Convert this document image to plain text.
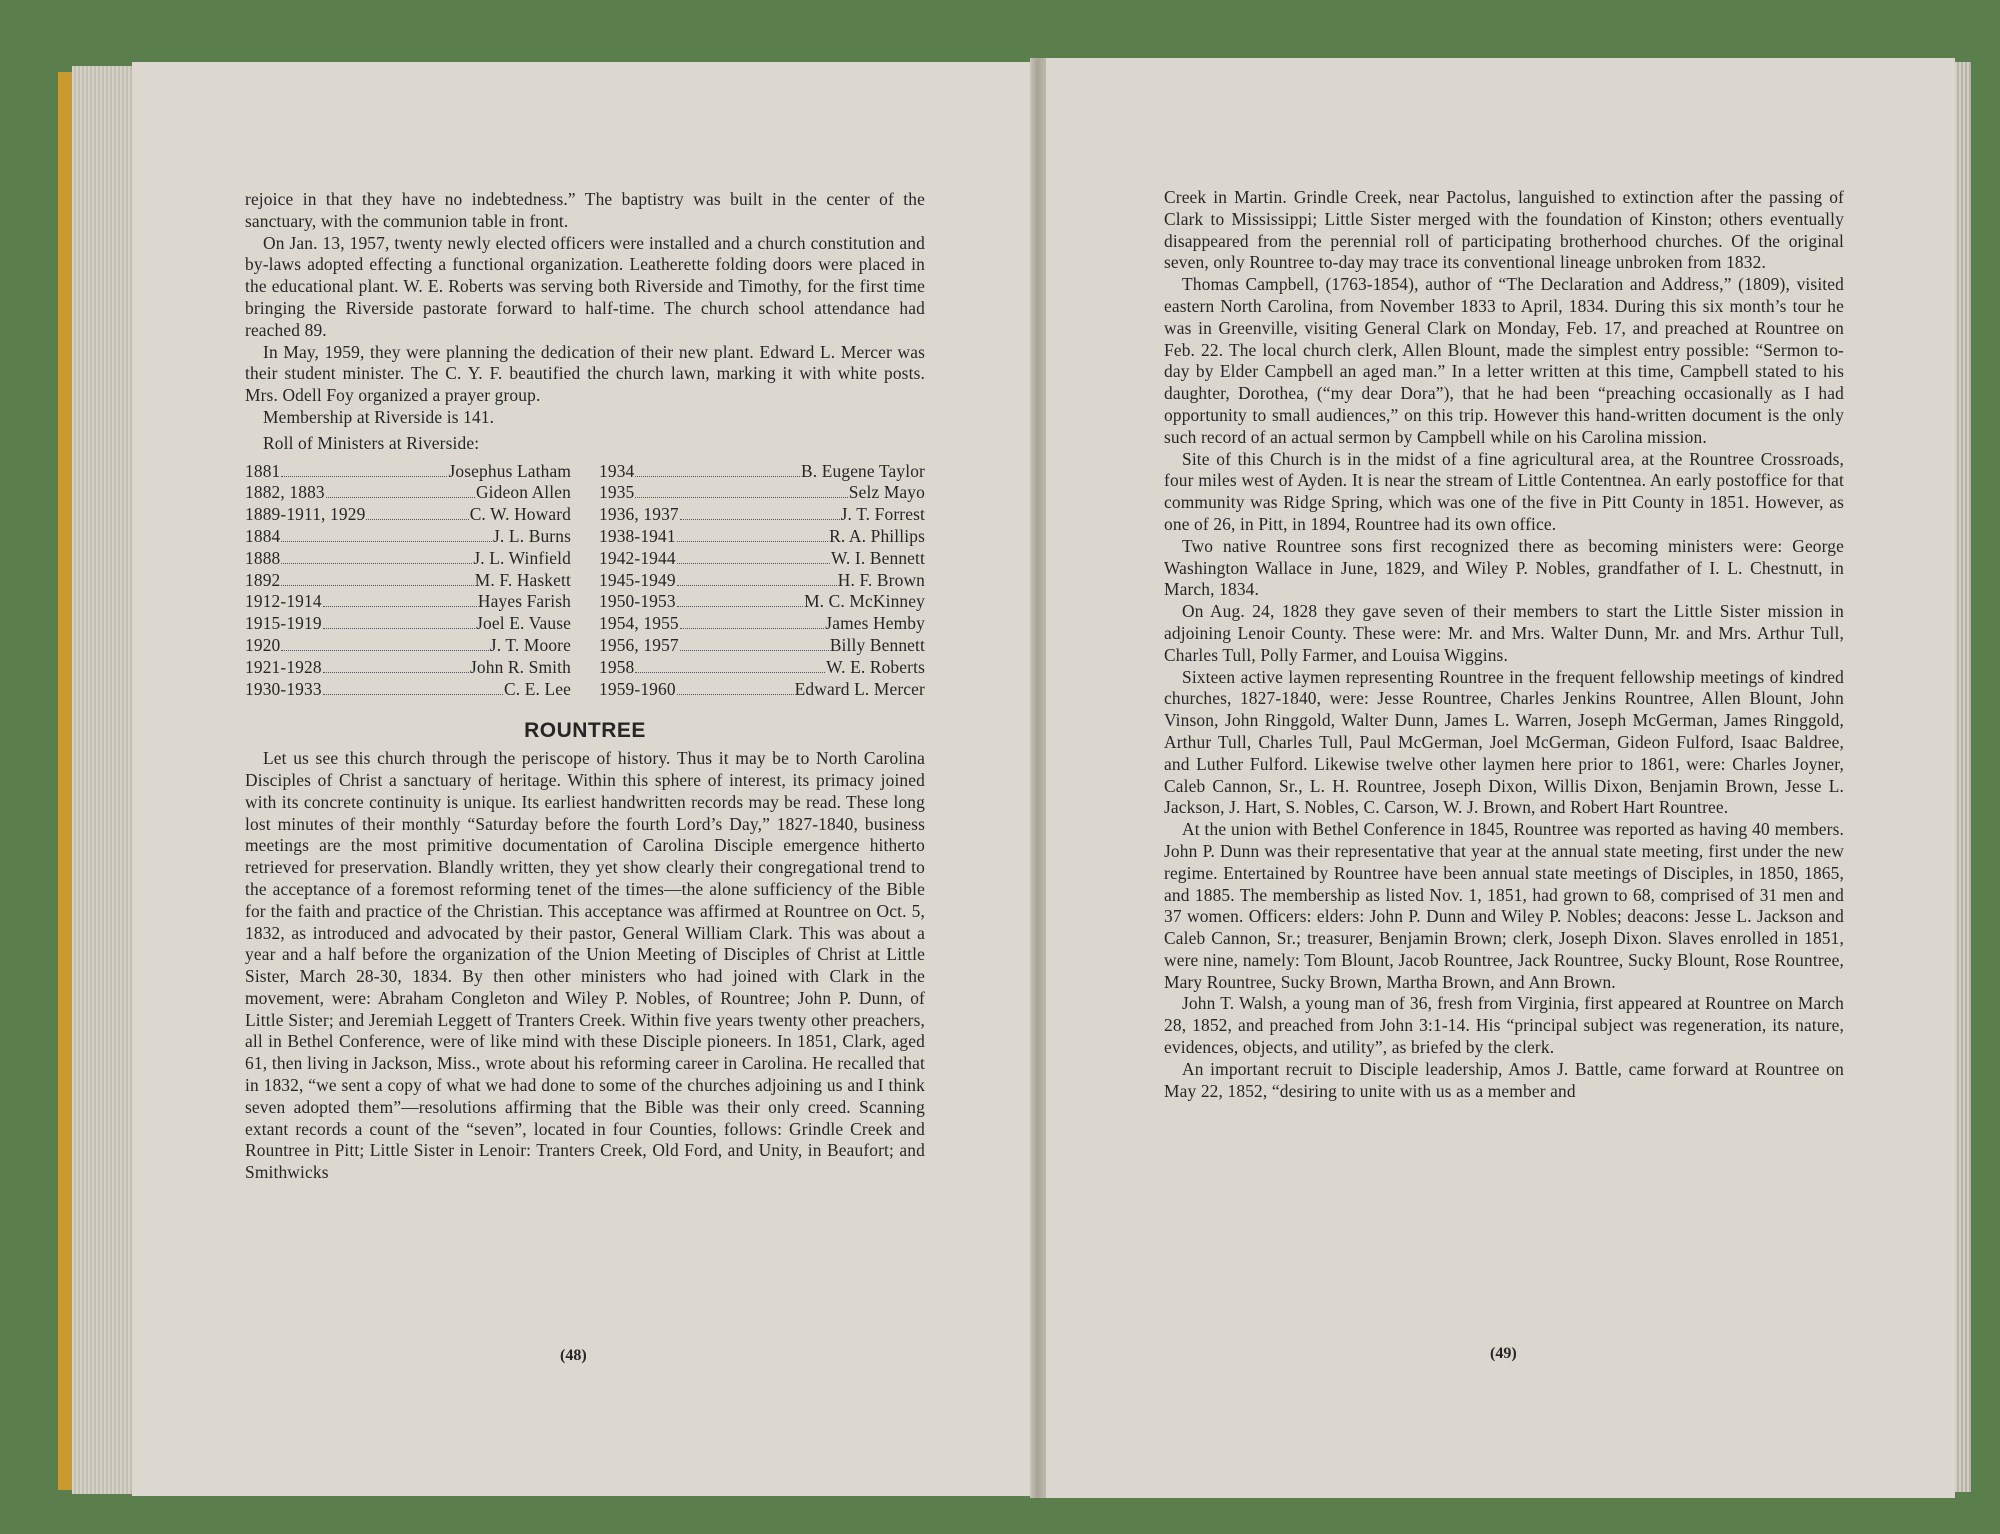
rejoice in that they have no indebtedness.” The baptistry was built in the center of the sanctuary, with the communion table in front.

On Jan. 13, 1957, twenty newly elected officers were installed and a church constitution and by-laws adopted effecting a functional organization. Leatherette folding doors were placed in the educational plant. W. E. Roberts was serving both Riverside and Timothy, for the first time bringing the Riverside pastorate forward to half-time. The church school attendance had reached 89.

In May, 1959, they were planning the dedication of their new plant. Edward L. Mercer was their student minister. The C. Y. F. beautified the church lawn, marking it with white posts. Mrs. Odell Foy organized a prayer group.

Membership at Riverside is 141.

Roll of Ministers at Riverside:

1881	Josephus Latham
1882, 1883	Gideon Allen
1889-1911, 1929	C. W. Howard
1884	J. L. Burns
1888	J. L. Winfield
1892	M. F. Haskett
1912-1914	Hayes Farish
1915-1919	Joel E. Vause
1920	J. T. Moore
1921-1928	John R. Smith
1930-1933	C. E. Lee
1934	B. Eugene Taylor
1935	Selz Mayo
1936, 1937	J. T. Forrest
1938-1941	R. A. Phillips
1942-1944	W. I. Bennett
1945-1949	H. F. Brown
1950-1953	M. C. McKinney
1954, 1955	James Hemby
1956, 1957	Billy Bennett
1958	W. E. Roberts
1959-1960	Edward L. Mercer
ROUNTREE

Let us see this church through the periscope of history. Thus it may be to North Carolina Disciples of Christ a sanctuary of heritage. Within this sphere of interest, its primacy joined with its concrete continuity is unique. Its earliest handwritten records may be read. These long lost minutes of their monthly “Saturday before the fourth Lord’s Day,” 1827-1840, business meetings are the most primitive documentation of Carolina Disciple emergence hitherto retrieved for preservation. Blandly written, they yet show clearly their congregational trend to the acceptance of a foremost reforming tenet of the times—the alone sufficiency of the Bible for the faith and practice of the Christian. This acceptance was affirmed at Rountree on Oct. 5, 1832, as introduced and advocated by their pastor, General William Clark. This was about a year and a half before the organization of the Union Meeting of Disciples of Christ at Little Sister, March 28-30, 1834. By then other ministers who had joined with Clark in the movement, were: Abraham Congleton and Wiley P. Nobles, of Rountree; John P. Dunn, of Little Sister; and Jeremiah Leggett of Tranters Creek. Within five years twenty other preachers, all in Bethel Conference, were of like mind with these Disciple pioneers. In 1851, Clark, aged 61, then living in Jackson, Miss., wrote about his reforming career in Carolina. He recalled that in 1832, “we sent a copy of what we had done to some of the churches adjoining us and I think seven adopted them”—resolutions affirming that the Bible was their only creed. Scanning extant records a count of the “seven”, located in four Counties, follows: Grindle Creek and Rountree in Pitt; Little Sister in Lenoir: Tranters Creek, Old Ford, and Unity, in Beaufort; and Smithwicks

(48)

Creek in Martin. Grindle Creek, near Pactolus, languished to extinction after the passing of Clark to Mississippi; Little Sister merged with the foundation of Kinston; others eventually disappeared from the perennial roll of participating brotherhood churches. Of the original seven, only Rountree to-day may trace its conventional lineage unbroken from 1832.

Thomas Campbell, (1763-1854), author of “The Declaration and Address,” (1809), visited eastern North Carolina, from November 1833 to April, 1834. During this six month’s tour he was in Greenville, visiting General Clark on Monday, Feb. 17, and preached at Rountree on Feb. 22. The local church clerk, Allen Blount, made the simplest entry possible: “Sermon to-day by Elder Campbell an aged man.” In a letter written at this time, Campbell stated to his daughter, Dorothea, (“my dear Dora”), that he had been “preaching occasionally as I had opportunity to small audiences,” on this trip. However this hand-written document is the only such record of an actual sermon by Campbell while on his Carolina mission.

Site of this Church is in the midst of a fine agricultural area, at the Rountree Crossroads, four miles west of Ayden. It is near the stream of Little Contentnea. An early postoffice for that community was Ridge Spring, which was one of the five in Pitt County in 1851. However, as one of 26, in Pitt, in 1894, Rountree had its own office.

Two native Rountree sons first recognized there as becoming ministers were: George Washington Wallace in June, 1829, and Wiley P. Nobles, grandfather of I. L. Chestnutt, in March, 1834.

On Aug. 24, 1828 they gave seven of their members to start the Little Sister mission in adjoining Lenoir County. These were: Mr. and Mrs. Walter Dunn, Mr. and Mrs. Arthur Tull, Charles Tull, Polly Farmer, and Louisa Wiggins.

Sixteen active laymen representing Rountree in the frequent fellowship meetings of kindred churches, 1827-1840, were: Jesse Rountree, Charles Jenkins Rountree, Allen Blount, John Vinson, John Ringgold, Walter Dunn, James L. Warren, Joseph McGerman, James Ringgold, Arthur Tull, Charles Tull, Paul McGerman, Joel McGerman, Gideon Fulford, Isaac Baldree, and Luther Fulford. Likewise twelve other laymen here prior to 1861, were: Charles Joyner, Caleb Cannon, Sr., L. H. Rountree, Joseph Dixon, Willis Dixon, Benjamin Brown, Jesse L. Jackson, J. Hart, S. Nobles, C. Carson, W. J. Brown, and Robert Hart Rountree.

At the union with Bethel Conference in 1845, Rountree was reported as having 40 members. John P. Dunn was their representative that year at the annual state meeting, first under the new regime. Entertained by Rountree have been annual state meetings of Disciples, in 1850, 1865, and 1885. The membership as listed Nov. 1, 1851, had grown to 68, comprised of 31 men and 37 women. Officers: elders: John P. Dunn and Wiley P. Nobles; deacons: Jesse L. Jackson and Caleb Cannon, Sr.; treasurer, Benjamin Brown; clerk, Joseph Dixon. Slaves enrolled in 1851, were nine, namely: Tom Blount, Jacob Rountree, Jack Rountree, Sucky Blount, Rose Rountree, Mary Rountree, Sucky Brown, Martha Brown, and Ann Brown.

John T. Walsh, a young man of 36, fresh from Virginia, first appeared at Rountree on March 28, 1852, and preached from John 3:1-14. His “principal subject was regeneration, its nature, evidences, objects, and utility”, as briefed by the clerk.

An important recruit to Disciple leadership, Amos J. Battle, came forward at Rountree on May 22, 1852, “desiring to unite with us as a member and

(49)
